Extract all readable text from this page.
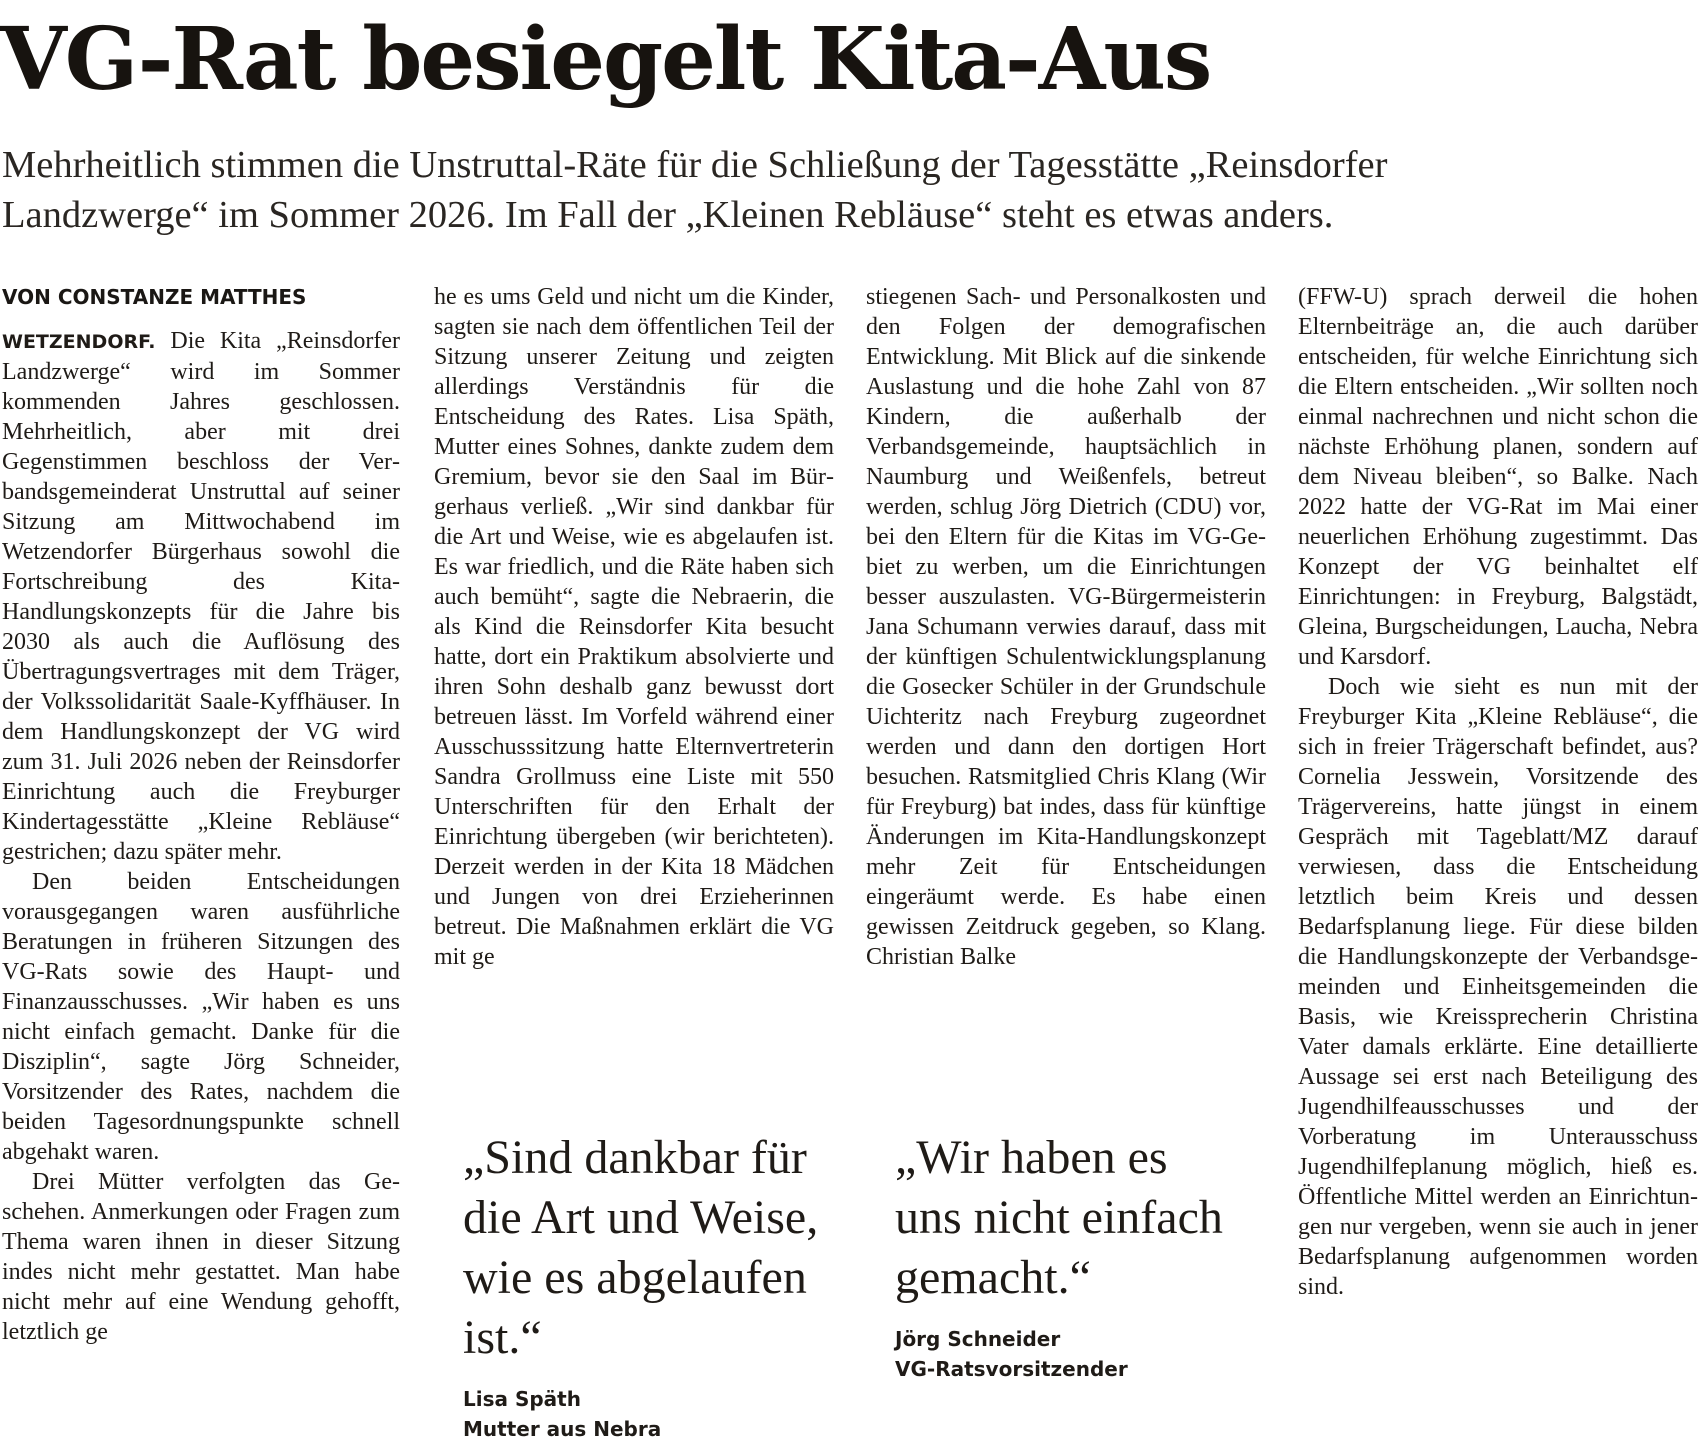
VG-Rat besiegelt Kita-Aus
Mehrheitlich stimmen die Unstruttal-Räte für die Schließung der Tagesstätte „Reinsdorfer Landzwerge“ im Sommer 2026. Im Fall der „Kleinen Rebläuse“ steht es etwas anders.

VON CONSTANZE MATTHES

WETZENDORF. Die Kita „Reinsdorfer Landzwerge“ wird im Sommer kommenden Jahres geschlossen. Mehrheitlich, aber mit drei Gegenstimmen beschloss der Verbandsgemeinderat Unstruttal auf seiner Sitzung am Mittwochabend im Wetzendorfer Bürgerhaus sowohl die Fortschreibung des Kita-Handlungskonzepts für die Jahre bis 2030 als auch die Auflösung des Übertragungsvertrages mit dem Träger, der Volkssolidarität Saale-Kyffhäuser. In dem Handlungskonzept der VG wird zum 31. Juli 2026 neben der Reinsdorfer Einrichtung auch die Freyburger Kindertagesstätte „Kleine Rebläuse“ gestrichen; dazu später mehr.

Den beiden Entscheidungen vorausgegangen waren ausführliche Beratungen in früheren Sitzungen des VG-Rats sowie des Haupt- und Finanzausschusses. „Wir haben es uns nicht einfach gemacht. Danke für die Disziplin“, sagte Jörg Schneider, Vorsitzender des Rates, nachdem die beiden Tagesordnungspunkte schnell abgehakt waren.

Drei Mütter verfolgten das Geschehen. Anmerkungen oder Fragen zum Thema waren ihnen in dieser Sitzung indes nicht mehr gestattet. Man habe nicht mehr auf eine Wendung gehofft, letztlich ge

he es ums Geld und nicht um die Kinder, sagten sie nach dem öffentlichen Teil der Sitzung unserer Zeitung und zeigten allerdings Verständnis für die Entscheidung des Rates. Lisa Späth, Mutter eines Sohnes, dankte zudem dem Gremium, bevor sie den Saal im Bürgerhaus verließ. „Wir sind dankbar für die Art und Weise, wie es abgelaufen ist. Es war friedlich, und die Räte haben sich auch bemüht“, sagte die Nebraerin, die als Kind die Reinsdorfer Kita besucht hatte, dort ein Praktikum absolvierte und ihren Sohn deshalb ganz bewusst dort betreuen lässt. Im Vorfeld während einer Ausschusssitzung hatte Elternvertreterin Sandra Grollmuss eine Liste mit 550 Unterschriften für den Erhalt der Einrichtung übergeben (wir berichteten). Derzeit werden in der Kita 18 Mädchen und Jungen von drei Erzieherinnen betreut. Die Maßnahmen erklärt die VG mit ge

stiegenen Sach- und Personalkosten und den Folgen der demografischen Entwicklung. Mit Blick auf die sinkende Auslastung und die hohe Zahl von 87 Kindern, die außerhalb der Verbandsgemeinde, hauptsächlich in Naumburg und Weißenfels, betreut werden, schlug Jörg Dietrich (CDU) vor, bei den Eltern für die Kitas im VG-Gebiet zu werben, um die Einrichtungen besser auszulasten. VG-Bürgermeisterin Jana Schumann verwies darauf, dass mit der künftigen Schulentwicklungsplanung die Gosecker Schüler in der Grundschule Uichteritz nach Freyburg zugeordnet werden und dann den dortigen Hort besuchen. Ratsmitglied Chris Klang (Wir für Freyburg) bat indes, dass für künftige Änderungen im Kita-Handlungskonzept mehr Zeit für Entscheidungen eingeräumt werde. Es habe einen gewissen Zeitdruck gegeben, so Klang. Christian Balke

(FFW-U) sprach derweil die hohen Elternbeiträge an, die auch darüber entscheiden, für welche Einrichtung sich die Eltern entscheiden. „Wir sollten noch einmal nachrechnen und nicht schon die nächste Erhöhung planen, sondern auf dem Niveau bleiben“, so Balke. Nach 2022 hatte der VG-Rat im Mai einer neuerlichen Erhöhung zugestimmt. Das Konzept der VG beinhaltet elf Einrichtungen: in Freyburg, Balgstädt, Gleina, Burgscheidungen, Laucha, Nebra und Karsdorf.

Doch wie sieht es nun mit der Freyburger Kita „Kleine Rebläuse“, die sich in freier Trägerschaft befindet, aus? Cornelia Jesswein, Vorsitzende des Trägervereins, hatte jüngst in einem Gespräch mit Tageblatt/MZ darauf verwiesen, dass die Entscheidung letztlich beim Kreis und dessen Bedarfsplanung liege. Für diese bilden die Handlungskonzepte der Verbandsgemeinden und Einheitsgemeinden die Basis, wie Kreissprecherin Christina Vater damals erklärte. Eine detaillierte Aussage sei erst nach Beteiligung des Jugendhilfeausschusses und der Vorberatung im Unterausschuss Jugendhilfeplanung möglich, hieß es. Öffentliche Mittel werden an Einrichtungen nur vergeben, wenn sie auch in jener Bedarfsplanung aufgenommen worden sind.

„Sind dankbar für die Art und Weise, wie es abgelaufen ist.“
Lisa Späth
Mutter aus Nebra
„Wir haben es uns nicht einfach gemacht.“
Jörg Schneider
VG-Ratsvorsitzender
